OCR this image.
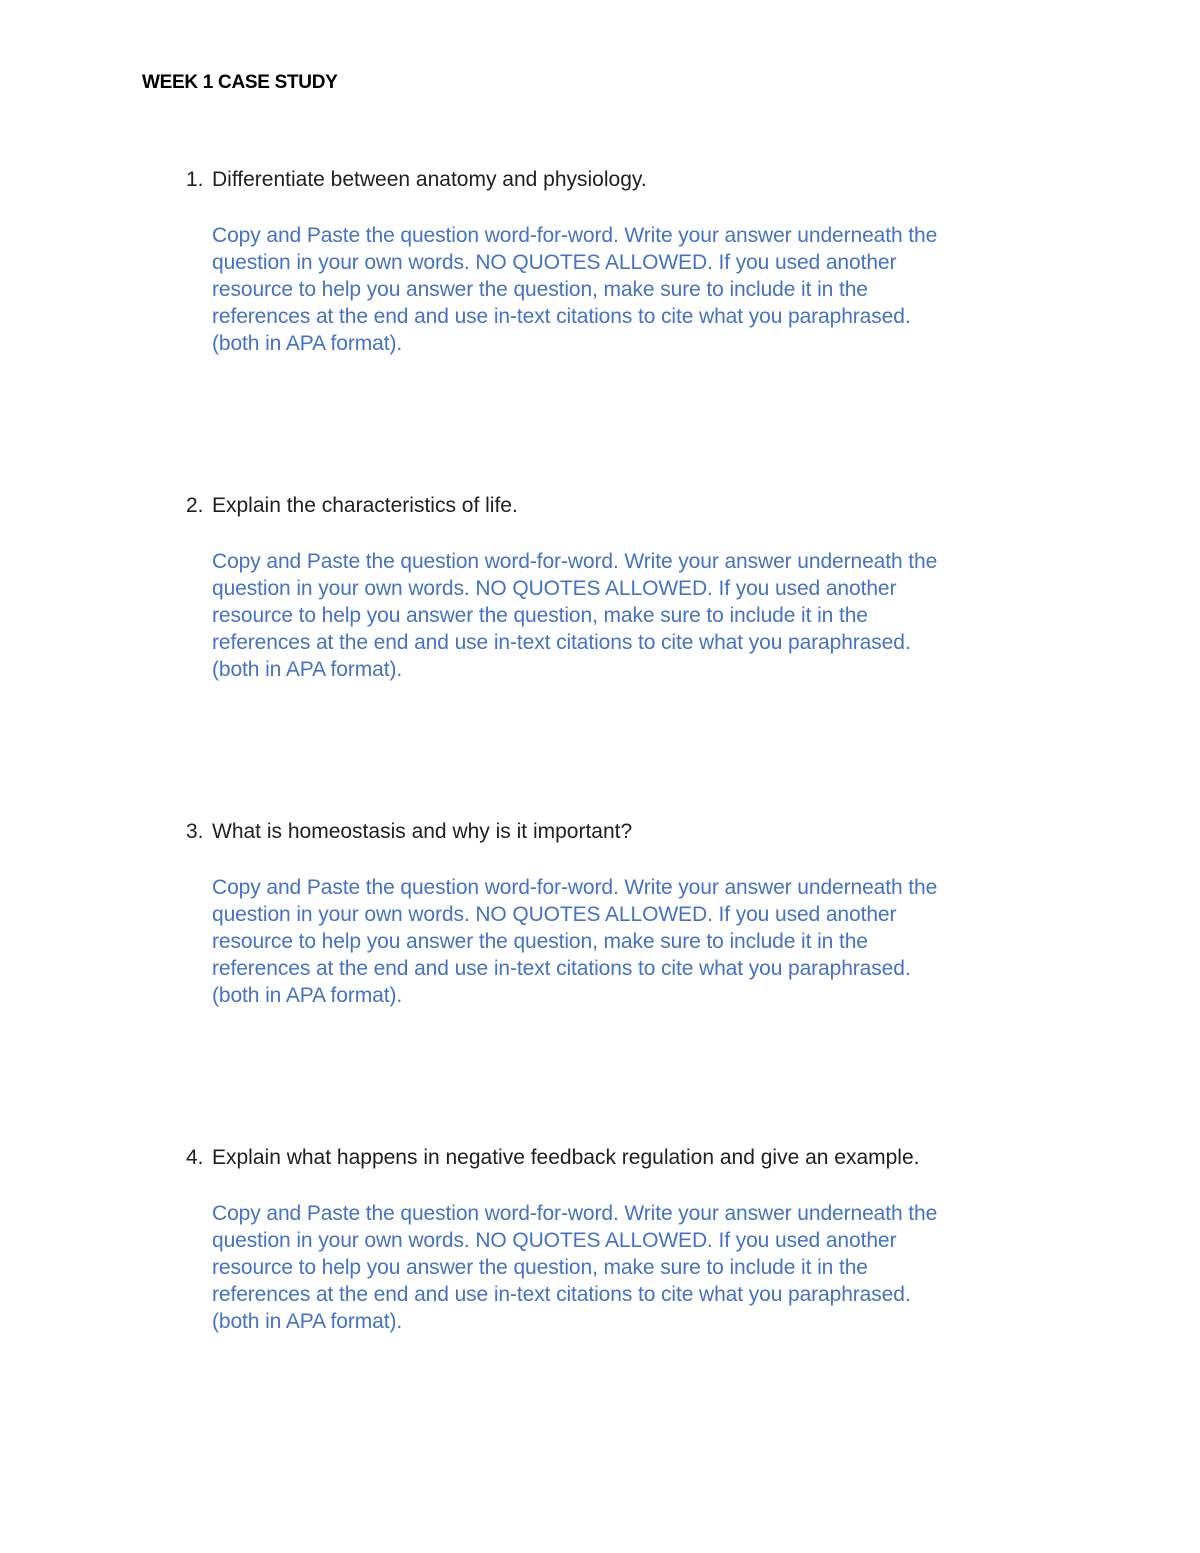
WEEK 1 CASE STUDY
1. Differentiate between anatomy and physiology.
Copy and Paste the question word-for-word. Write your answer underneath the
question in your own words. NO QUOTES ALLOWED. If you used another
resource to help you answer the question, make sure to include it in the
references at the end and use in-text citations to cite what you paraphrased.
(both in APA format).
2. Explain the characteristics of life.
Copy and Paste the question word-for-word. Write your answer underneath the
question in your own words. NO QUOTES ALLOWED. If you used another
resource to help you answer the question, make sure to include it in the
references at the end and use in-text citations to cite what you paraphrased.
(both in APA format).
3. What is homeostasis and why is it important?
Copy and Paste the question word-for-word. Write your answer underneath the
question in your own words. NO QUOTES ALLOWED. If you used another
resource to help you answer the question, make sure to include it in the
references at the end and use in-text citations to cite what you paraphrased.
(both in APA format).
4. Explain what happens in negative feedback regulation and give an example.
Copy and Paste the question word-for-word. Write your answer underneath the
question in your own words. NO QUOTES ALLOWED. If you used another
resource to help you answer the question, make sure to include it in the
references at the end and use in-text citations to cite what you paraphrased.
(both in APA format).
